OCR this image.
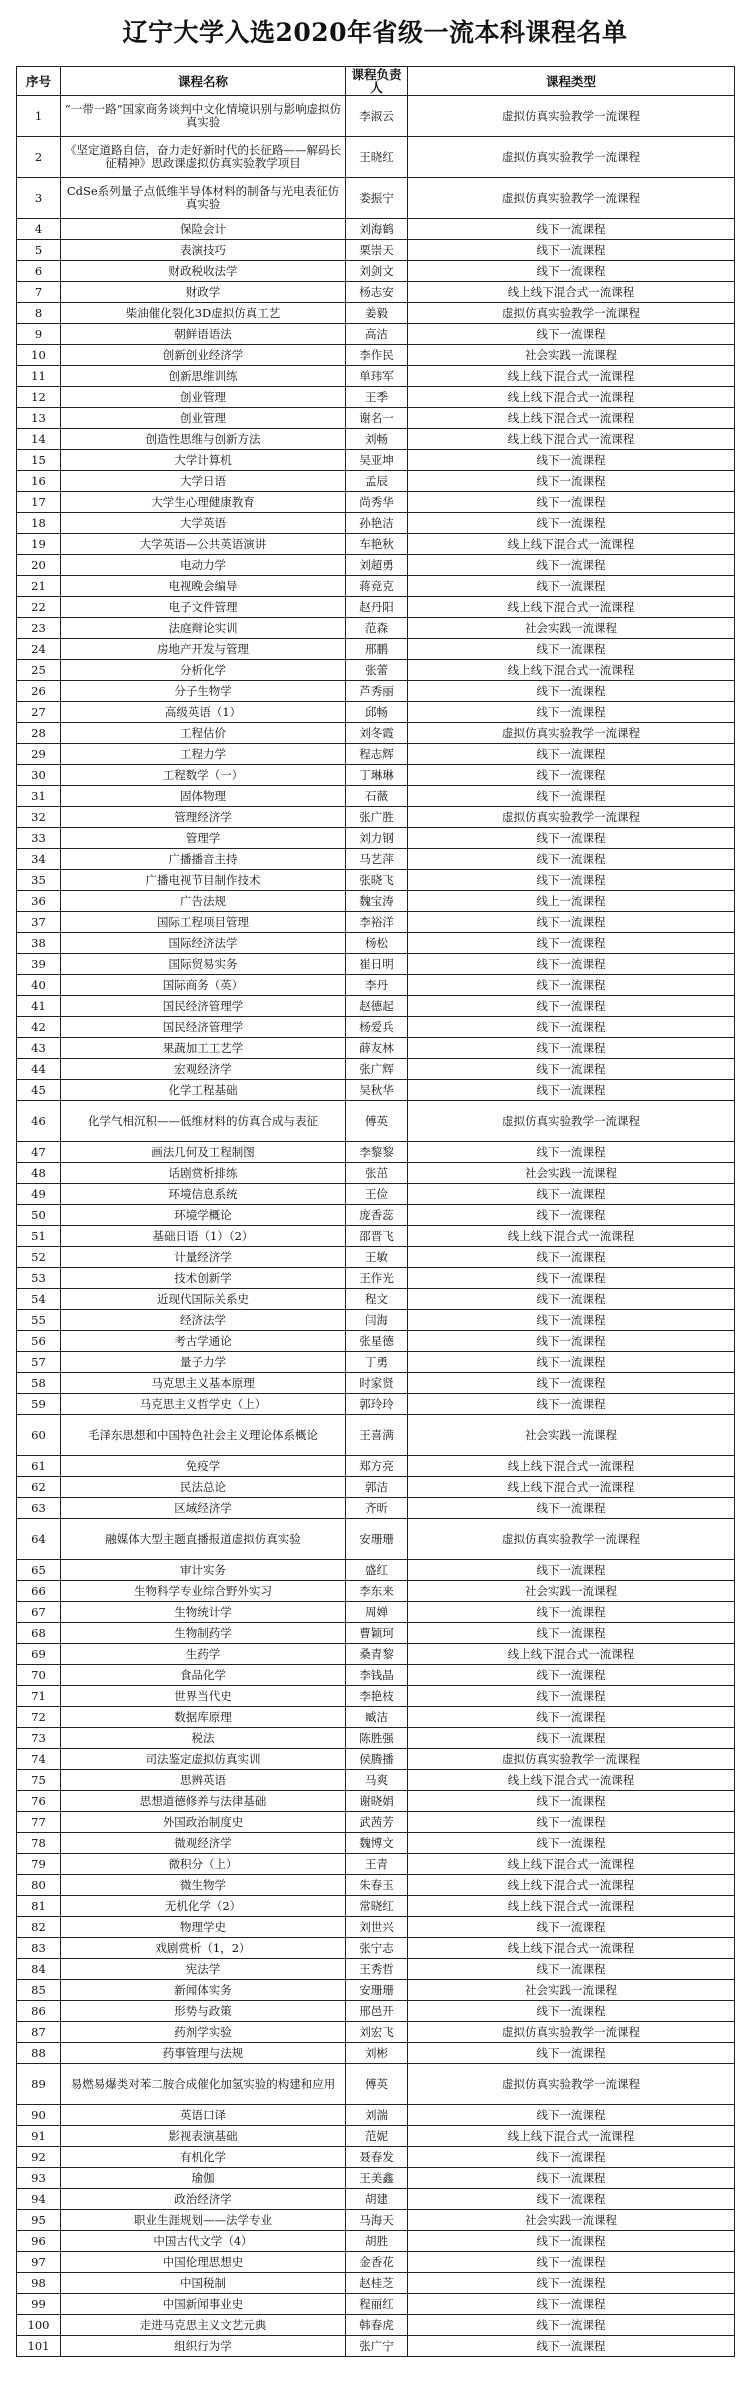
辽宁大学入选2020年省级一流本科课程名单
序号	课程名称	课程负责人	课程类型
1	“一带一路”国家商务谈判中文化情境识别与影响虚拟仿真实验	李淑云	虚拟仿真实验教学一流课程
2	《坚定道路自信，奋力走好新时代的长征路——解码长征精神》思政课虚拟仿真实验教学项目	王晓红	虚拟仿真实验教学一流课程
3	CdSe系列量子点低维半导体材料的制备与光电表征仿真实验	娄振宁	虚拟仿真实验教学一流课程
4	保险会计	刘海鹤	线下一流课程
5	表演技巧	栗崇天	线下一流课程
6	财政税收法学	刘剑文	线下一流课程
7	财政学	杨志安	线上线下混合式一流课程
8	柴油催化裂化3D虚拟仿真工艺	姜毅	虚拟仿真实验教学一流课程
9	朝鲜语语法	高洁	线下一流课程
10	创新创业经济学	李作民	社会实践一流课程
11	创新思维训练	单玮军	线上线下混合式一流课程
12	创业管理	王季	线上线下混合式一流课程
13	创业管理	谢名一	线上线下混合式一流课程
14	创造性思维与创新方法	刘畅	线上线下混合式一流课程
15	大学计算机	吴亚坤	线下一流课程
16	大学日语	孟辰	线下一流课程
17	大学生心理健康教育	尚秀华	线下一流课程
18	大学英语	孙艳洁	线下一流课程
19	大学英语—公共英语演讲	车艳秋	线上线下混合式一流课程
20	电动力学	刘超勇	线下一流课程
21	电视晚会编导	蒋竞克	线下一流课程
22	电子文件管理	赵丹阳	线上线下混合式一流课程
23	法庭辩论实训	范森	社会实践一流课程
24	房地产开发与管理	邢鹏	线下一流课程
25	分析化学	张蕾	线上线下混合式一流课程
26	分子生物学	芦秀丽	线下一流课程
27	高级英语（1）	邱畅	线下一流课程
28	工程估价	刘冬霞	虚拟仿真实验教学一流课程
29	工程力学	程志辉	线下一流课程
30	工程数学（一）	丁琳琳	线下一流课程
31	固体物理	石薇	线下一流课程
32	管理经济学	张广胜	虚拟仿真实验教学一流课程
33	管理学	刘力钢	线下一流课程
34	广播播音主持	马艺萍	线下一流课程
35	广播电视节目制作技术	张晓飞	线下一流课程
36	广告法规	魏宝涛	线上一流课程
37	国际工程项目管理	李裕洋	线下一流课程
38	国际经济法学	杨松	线下一流课程
39	国际贸易实务	崔日明	线下一流课程
40	国际商务（英）	李丹	线下一流课程
41	国民经济管理学	赵德起	线下一流课程
42	国民经济管理学	杨爱兵	线下一流课程
43	果蔬加工工艺学	薛友林	线下一流课程
44	宏观经济学	张广辉	线下一流课程
45	化学工程基础	吴秋华	线下一流课程
46	化学气相沉积——低维材料的仿真合成与表征	傅英	虚拟仿真实验教学一流课程
47	画法几何及工程制图	李黎黎	线下一流课程
48	话剧赏析排练	张茁	社会实践一流课程
49	环境信息系统	王俭	线下一流课程
50	环境学概论	庞香蕊	线下一流课程
51	基础日语（1）（2）	邵晋飞	线上线下混合式一流课程
52	计量经济学	王敏	线下一流课程
53	技术创新学	王作光	线下一流课程
54	近现代国际关系史	程文	线下一流课程
55	经济法学	闫海	线下一流课程
56	考古学通论	张星德	线下一流课程
57	量子力学	丁勇	线下一流课程
58	马克思主义基本原理	时家贤	线下一流课程
59	马克思主义哲学史（上）	郭玲玲	线下一流课程
60	毛泽东思想和中国特色社会主义理论体系概论	王喜满	社会实践一流课程
61	免疫学	郑方亮	线上线下混合式一流课程
62	民法总论	郭洁	线上线下混合式一流课程
63	区域经济学	齐昕	线下一流课程
64	融媒体大型主题直播报道虚拟仿真实验	安珊珊	虚拟仿真实验教学一流课程
65	审计实务	盛红	线下一流课程
66	生物科学专业综合野外实习	李东来	社会实践一流课程
67	生物统计学	周婵	线下一流课程
68	生物制药学	曹颖珂	线下一流课程
69	生药学	桑青黎	线上线下混合式一流课程
70	食品化学	李钱晶	线下一流课程
71	世界当代史	李艳枝	线下一流课程
72	数据库原理	臧洁	线下一流课程
73	税法	陈胜强	线下一流课程
74	司法鉴定虚拟仿真实训	侯腾播	虚拟仿真实验教学一流课程
75	思辨英语	马爽	线上线下混合式一流课程
76	思想道德修养与法律基础	谢晓娟	线下一流课程
77	外国政治制度史	武茜芳	线下一流课程
78	微观经济学	魏博文	线下一流课程
79	微积分（上）	王青	线上线下混合式一流课程
80	微生物学	朱春玉	线上线下混合式一流课程
81	无机化学（2）	常晓红	线上线下混合式一流课程
82	物理学史	刘世兴	线下一流课程
83	戏剧赏析（1，2）	张宁志	线上线下混合式一流课程
84	宪法学	王秀哲	线下一流课程
85	新闻体实务	安珊珊	社会实践一流课程
86	形势与政策	邢邑开	线下一流课程
87	药剂学实验	刘宏飞	虚拟仿真实验教学一流课程
88	药事管理与法规	刘彬	线下一流课程
89	易燃易爆类对苯二胺合成催化加氢实验的构建和应用	傅英	虚拟仿真实验教学一流课程
90	英语口译	刘湍	线下一流课程
91	影视表演基础	范妮	线上线下混合式一流课程
92	有机化学	聂春发	线下一流课程
93	瑜伽	王美鑫	线下一流课程
94	政治经济学	胡建	线下一流课程
95	职业生涯规划——法学专业	马海天	社会实践一流课程
96	中国古代文学（4）	胡胜	线下一流课程
97	中国伦理思想史	金香花	线下一流课程
98	中国税制	赵桂芝	线下一流课程
99	中国新闻事业史	程丽红	线下一流课程
100	走进马克思主义文艺元典	韩春虎	线下一流课程
101	组织行为学	张广宁	线下一流课程
